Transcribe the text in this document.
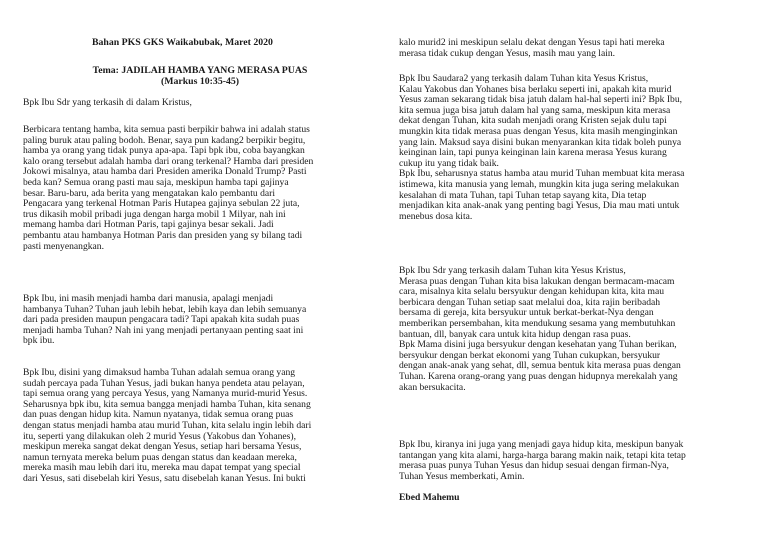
Bahan PKS GKS Waikabubak, Maret 2020
Tema: JADILAH HAMBA YANG MERASA PUAS
(Markus 10:35-45)

Bpk Ibu Sdr yang terkasih di dalam Kristus,

Berbicara tentang hamba, kita semua pasti berpikir bahwa ini adalah status
paling buruk atau paling bodoh. Benar, saya pun kadang2 berpikir begitu,
hamba ya orang yang tidak punya apa-apa. Tapi bpk ibu, coba bayangkan
kalo orang tersebut adalah hamba dari orang terkenal? Hamba dari presiden
Jokowi misalnya, atau hamba dari Presiden amerika Donald Trump? Pasti
beda kan? Semua orang pasti mau saja, meskipun hamba tapi gajinya
besar. Baru-baru, ada berita yang mengatakan kalo pembantu dari
Pengacara yang terkenal Hotman Paris Hutapea gajinya sebulan 22 juta,
trus dikasih mobil pribadi juga dengan harga mobil 1 Milyar, nah ini
memang hamba dari Hotman Paris, tapi gajinya besar sekali. Jadi
pembantu atau hambanya Hotman Paris dan presiden yang sy bilang tadi
pasti menyenangkan.

Bpk Ibu, ini masih menjadi hamba dari manusia, apalagi menjadi
hambanya Tuhan? Tuhan jauh lebih hebat, lebih kaya dan lebih semuanya
dari pada presiden maupun pengacara tadi? Tapi apakah kita sudah puas
menjadi hamba Tuhan? Nah ini yang menjadi pertanyaan penting saat ini
bpk ibu.

Bpk Ibu, disini yang dimaksud hamba Tuhan adalah semua orang yang
sudah percaya pada Tuhan Yesus, jadi bukan hanya pendeta atau pelayan,
tapi semua orang yang percaya Yesus, yang Namanya murid-murid Yesus.
Seharusnya bpk ibu, kita semua bangga menjadi hamba Tuhan, kita senang
dan puas dengan hidup kita. Namun nyatanya, tidak semua orang puas
dengan status menjadi hamba atau murid Tuhan, kita selalu ingin lebih dari
itu, seperti yang dilakukan oleh 2 murid Yesus (Yakobus dan Yohanes),
meskipun mereka sangat dekat dengan Yesus, setiap hari bersama Yesus,
namun ternyata mereka belum puas dengan status dan keadaan mereka,
mereka masih mau lebih dari itu, mereka mau dapat tempat yang special
dari Yesus, sati disebelah kiri Yesus, satu disebelah kanan Yesus. Ini bukti

kalo murid2 ini meskipun selalu dekat dengan Yesus tapi hati mereka
merasa tidak cukup dengan Yesus, masih mau yang lain.

Bpk Ibu Saudara2 yang terkasih dalam Tuhan kita Yesus Kristus,
Kalau Yakobus dan Yohanes bisa berlaku seperti ini, apakah kita murid
Yesus zaman sekarang tidak bisa jatuh dalam hal-hal seperti ini? Bpk Ibu,
kita semua juga bisa jatuh dalam hal yang sama, meskipun kita merasa
dekat dengan Tuhan, kita sudah menjadi orang Kristen sejak dulu tapi
mungkin kita tidak merasa puas dengan Yesus, kita masih menginginkan
yang lain. Maksud saya disini bukan menyarankan kita tidak boleh punya
keinginan lain, tapi punya keinginan lain karena merasa Yesus kurang
cukup itu yang tidak baik.
Bpk Ibu, seharusnya status hamba atau murid Tuhan membuat kita merasa
istimewa, kita manusia yang lemah, mungkin kita juga sering melakukan
kesalahan di mata Tuhan, tapi Tuhan tetap sayang kita, Dia tetap
menjadikan kita anak-anak yang penting bagi Yesus, Dia mau mati untuk
menebus dosa kita.

Bpk Ibu Sdr yang terkasih dalam Tuhan kita Yesus Kristus,
Merasa puas dengan Tuhan kita bisa lakukan dengan bermacam-macam
cara, misalnya kita selalu bersyukur dengan kehidupan kita, kita mau
berbicara dengan Tuhan setiap saat melalui doa, kita rajin beribadah
bersama di gereja, kita bersyukur untuk berkat-berkat-Nya dengan
memberikan persembahan, kita mendukung sesama yang membutuhkan
bantuan, dll, banyak cara untuk kita hidup dengan rasa puas.
Bpk Mama disini juga bersyukur dengan kesehatan yang Tuhan berikan,
bersyukur dengan berkat ekonomi yang Tuhan cukupkan, bersyukur
dengan anak-anak yang sehat, dll, semua bentuk kita merasa puas dengan
Tuhan. Karena orang-orang yang puas dengan hidupnya merekalah yang
akan bersukacita.

Bpk Ibu, kiranya ini juga yang menjadi gaya hidup kita, meskipun banyak
tantangan yang kita alami, harga-harga barang makin naik, tetapi kita tetap
merasa puas punya Tuhan Yesus dan hidup sesuai dengan firman-Nya,
Tuhan Yesus memberkati, Amin.

Ebed Mahemu
